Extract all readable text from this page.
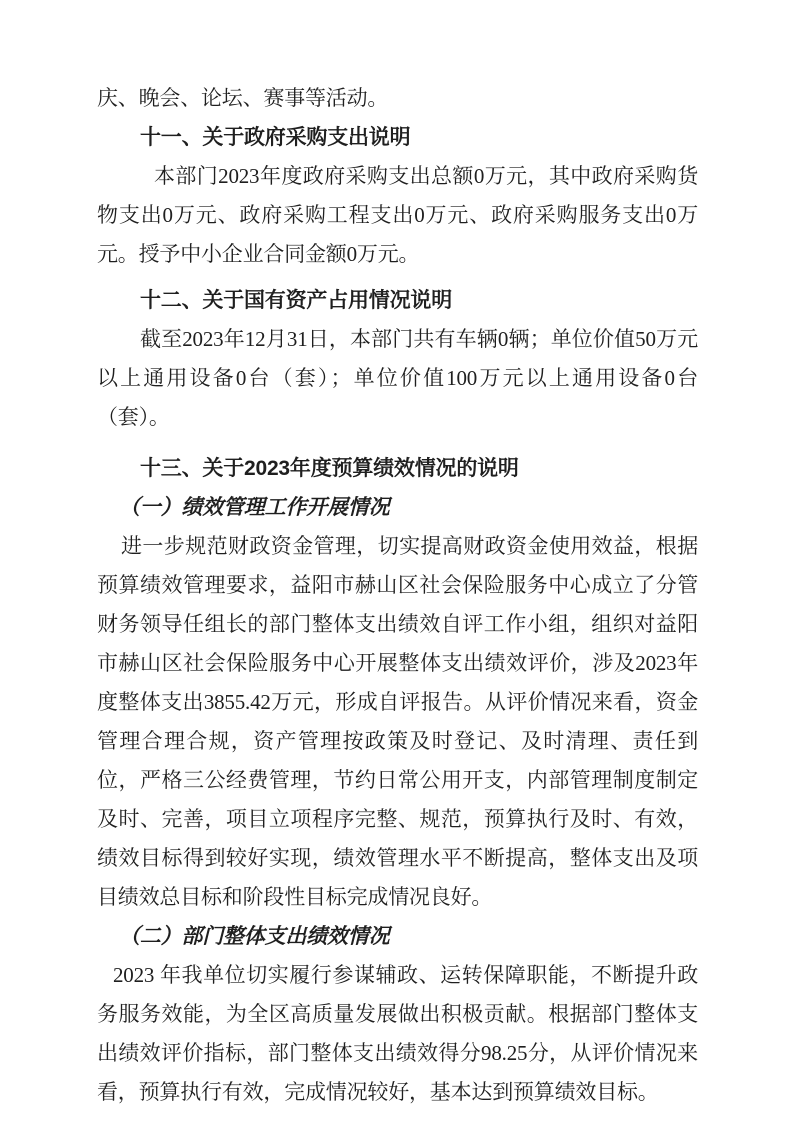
庆、晚会、论坛、赛事等活动。

十一、关于政府采购支出说明

本部门2023年度政府采购支出总额0万元，其中政府采购货物支出0万元、政府采购工程支出0万元、政府采购服务支出0万元。授予中小企业合同金额0万元。

十二、关于国有资产占用情况说明

截至2023年12月31日，本部门共有车辆0辆；单位价值50万元以上通用设备0台（套）；单位价值100万元以上通用设备0台（套）。

十三、关于2023年度预算绩效情况的说明

（一）绩效管理工作开展情况

进一步规范财政资金管理，切实提高财政资金使用效益，根据预算绩效管理要求，益阳市赫山区社会保险服务中心成立了分管财务领导任组长的部门整体支出绩效自评工作小组，组织对益阳市赫山区社会保险服务中心开展整体支出绩效评价，涉及2023年度整体支出3855.42万元，形成自评报告。从评价情况来看，资金管理合理合规，资产管理按政策及时登记、及时清理、责任到位，严格三公经费管理，节约日常公用开支，内部管理制度制定及时、完善，项目立项程序完整、规范，预算执行及时、有效，绩效目标得到较好实现，绩效管理水平不断提高，整体支出及项目绩效总目标和阶段性目标完成情况良好。

（二）部门整体支出绩效情况

2023 年我单位切实履行参谋辅政、运转保障职能，不断提升政务服务效能，为全区高质量发展做出积极贡献。根据部门整体支出绩效评价指标，部门整体支出绩效得分98.25分，从评价情况来看，预算执行有效，完成情况较好，基本达到预算绩效目标。
